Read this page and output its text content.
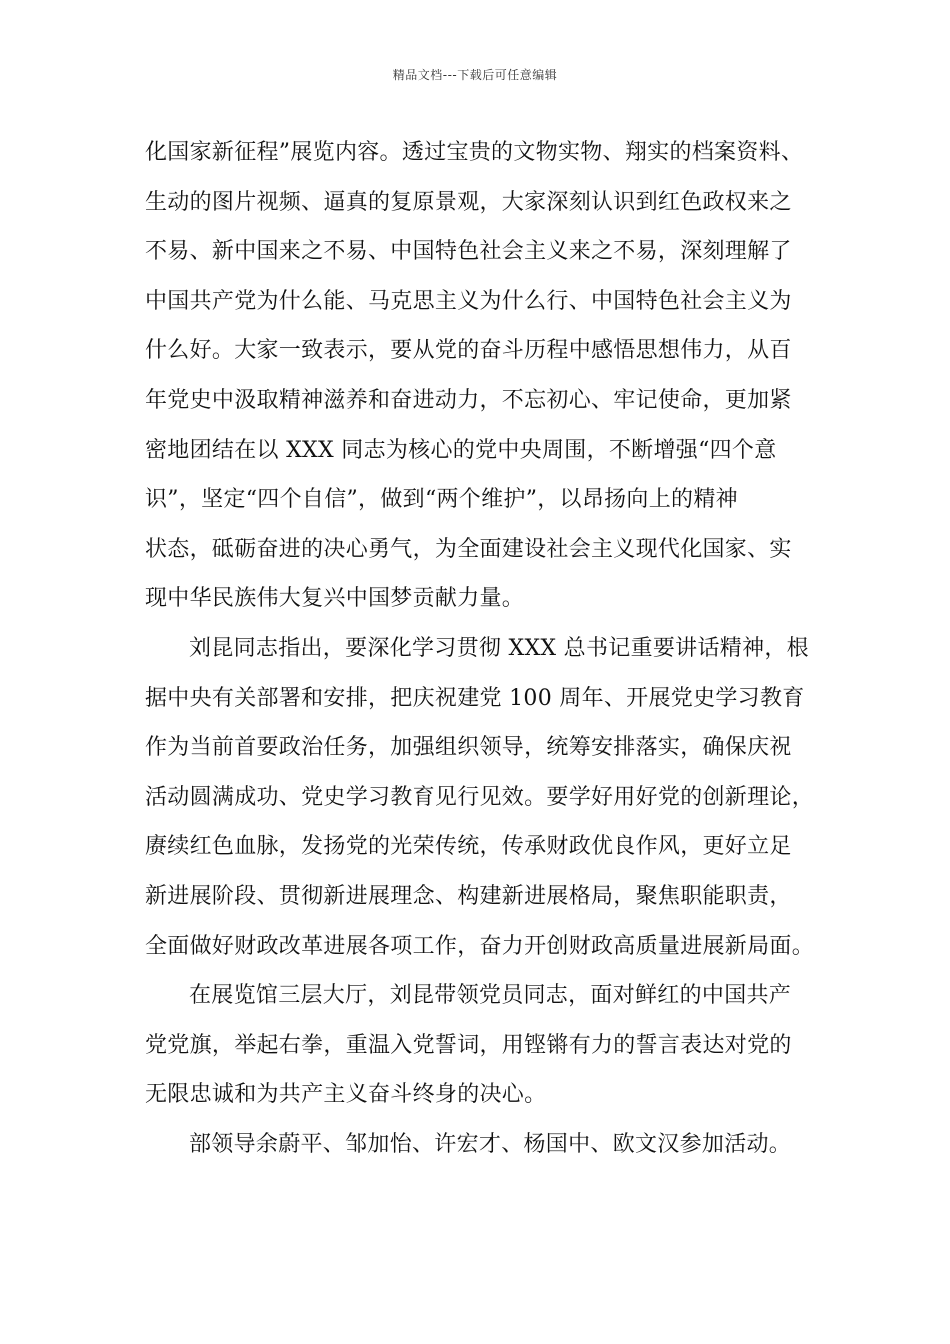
精品文档---下载后可任意编辑
化国家新征程”展览内容。透过宝贵的文物实物、翔实的档案资料、
生动的图片视频、逼真的复原景观，大家深刻认识到红色政权来之
不易、新中国来之不易、中国特色社会主义来之不易，深刻理解了
中国共产党为什么能、马克思主义为什么行、中国特色社会主义为
什么好。大家一致表示，要从党的奋斗历程中感悟思想伟力，从百
年党史中汲取精神滋养和奋进动力，不忘初心、牢记使命，更加紧
密地团结在以 XXX 同志为核心的党中央周围，不断增强“四个意
识”，坚定“四个自信”，做到“两个维护”，以昂扬向上的精神
状态，砥砺奋进的决心勇气，为全面建设社会主义现代化国家、实
现中华民族伟大复兴中国梦贡献力量。
刘昆同志指出，要深化学习贯彻 XXX 总书记重要讲话精神，根
据中央有关部署和安排，把庆祝建党 100 周年、开展党史学习教育
作为当前首要政治任务，加强组织领导，统筹安排落实，确保庆祝
活动圆满成功、党史学习教育见行见效。要学好用好党的创新理论，
赓续红色血脉，发扬党的光荣传统，传承财政优良作风，更好立足
新进展阶段、贯彻新进展理念、构建新进展格局，聚焦职能职责，
全面做好财政改革进展各项工作，奋力开创财政高质量进展新局面。
在展览馆三层大厅，刘昆带领党员同志，面对鲜红的中国共产
党党旗，举起右拳，重温入党誓词，用铿锵有力的誓言表达对党的
无限忠诚和为共产主义奋斗终身的决心。
部领导余蔚平、邹加怡、许宏才、杨国中、欧文汉参加活动。
